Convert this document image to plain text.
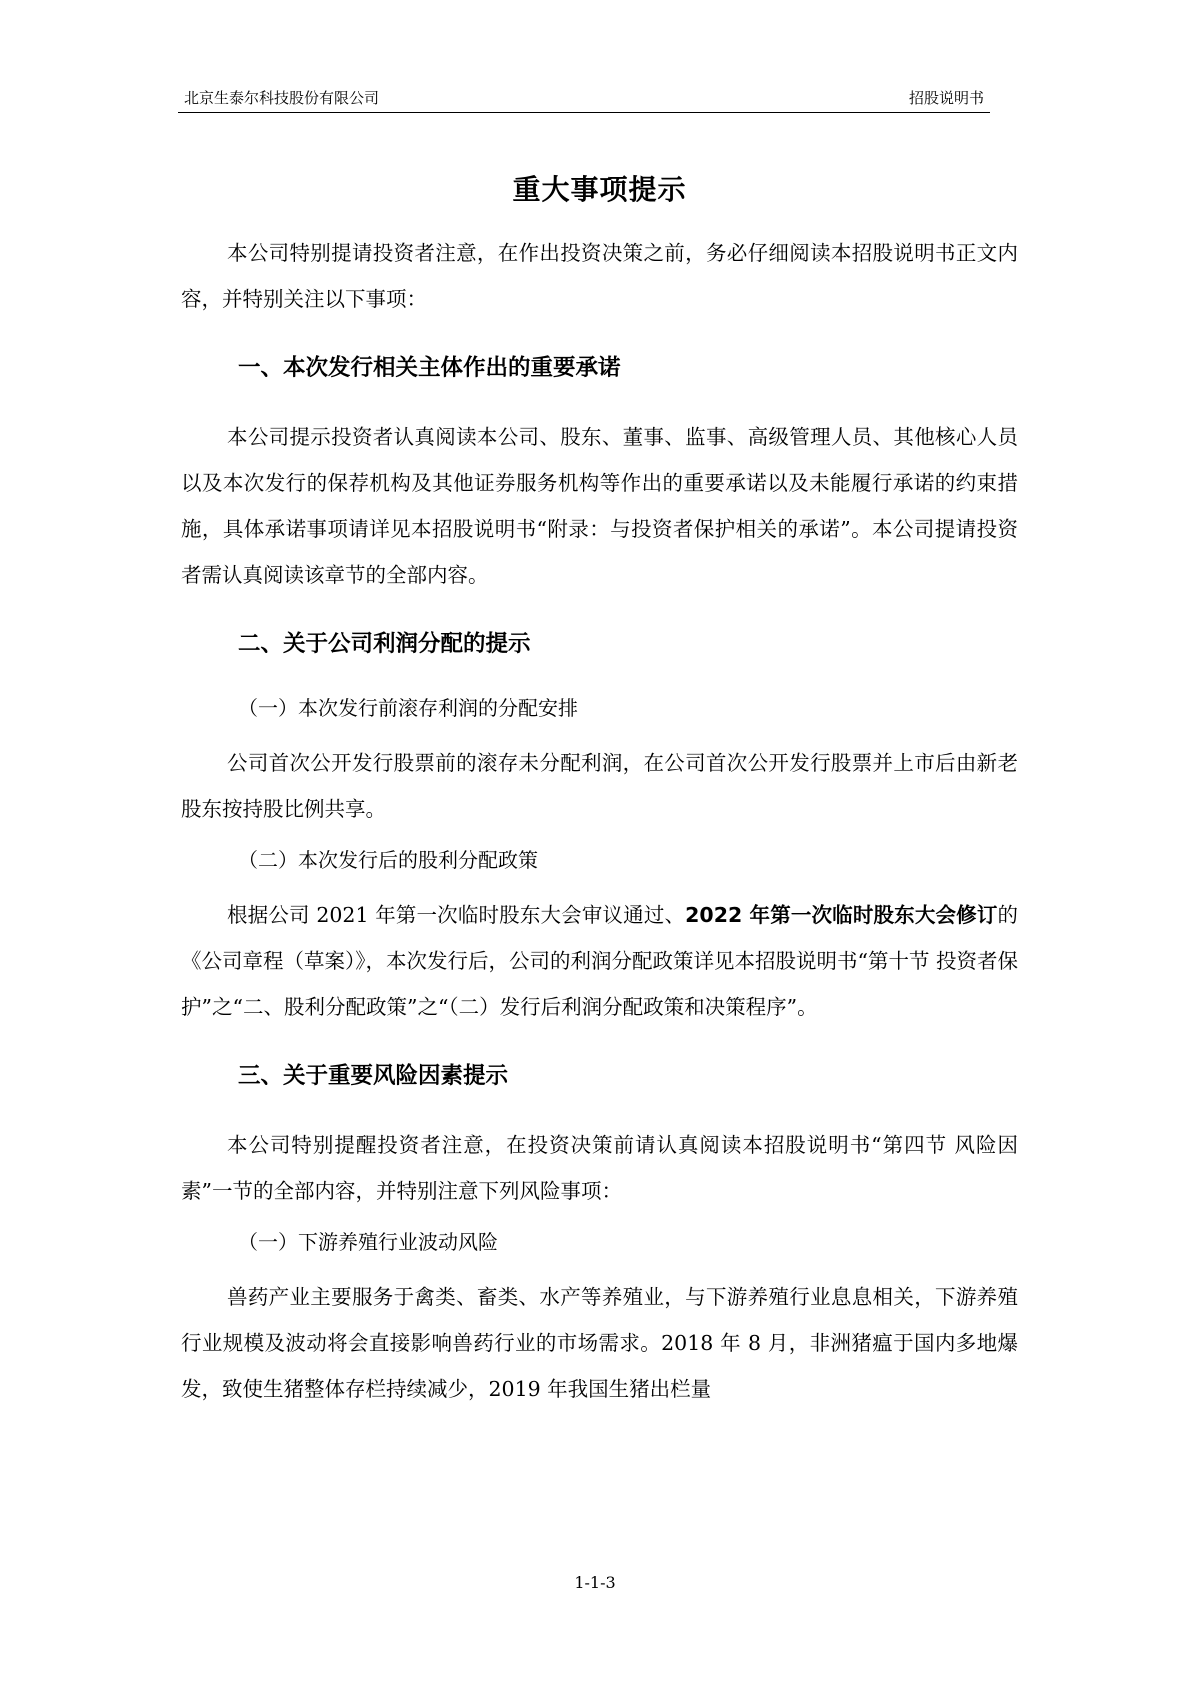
北京生泰尔科技股份有限公司	招股说明书
重大事项提示

本公司特别提请投资者注意，在作出投资决策之前，务必仔细阅读本招股说明书正文内容，并特别关注以下事项：

一、本次发行相关主体作出的重要承诺

本公司提示投资者认真阅读本公司、股东、董事、监事、高级管理人员、其他核心人员以及本次发行的保荐机构及其他证券服务机构等作出的重要承诺以及未能履行承诺的约束措施，具体承诺事项请详见本招股说明书“附录：与投资者保护相关的承诺”。本公司提请投资者需认真阅读该章节的全部内容。

二、关于公司利润分配的提示
（一）本次发行前滚存利润的分配安排

公司首次公开发行股票前的滚存未分配利润，在公司首次公开发行股票并上市后由新老股东按持股比例共享。

（二）本次发行后的股利分配政策

根据公司 2021 年第一次临时股东大会审议通过、2022 年第一次临时股东大会修订的《公司章程（草案）》，本次发行后，公司的利润分配政策详见本招股说明书“第十节 投资者保护”之“二、股利分配政策”之“（二）发行后利润分配政策和决策程序”。

三、关于重要风险因素提示

本公司特别提醒投资者注意，在投资决策前请认真阅读本招股说明书“第四节 风险因素”一节的全部内容，并特别注意下列风险事项：

（一）下游养殖行业波动风险

兽药产业主要服务于禽类、畜类、水产等养殖业，与下游养殖行业息息相关，下游养殖行业规模及波动将会直接影响兽药行业的市场需求。2018 年 8 月，非洲猪瘟于国内多地爆发，致使生猪整体存栏持续减少，2019 年我国生猪出栏量

1-1-3
